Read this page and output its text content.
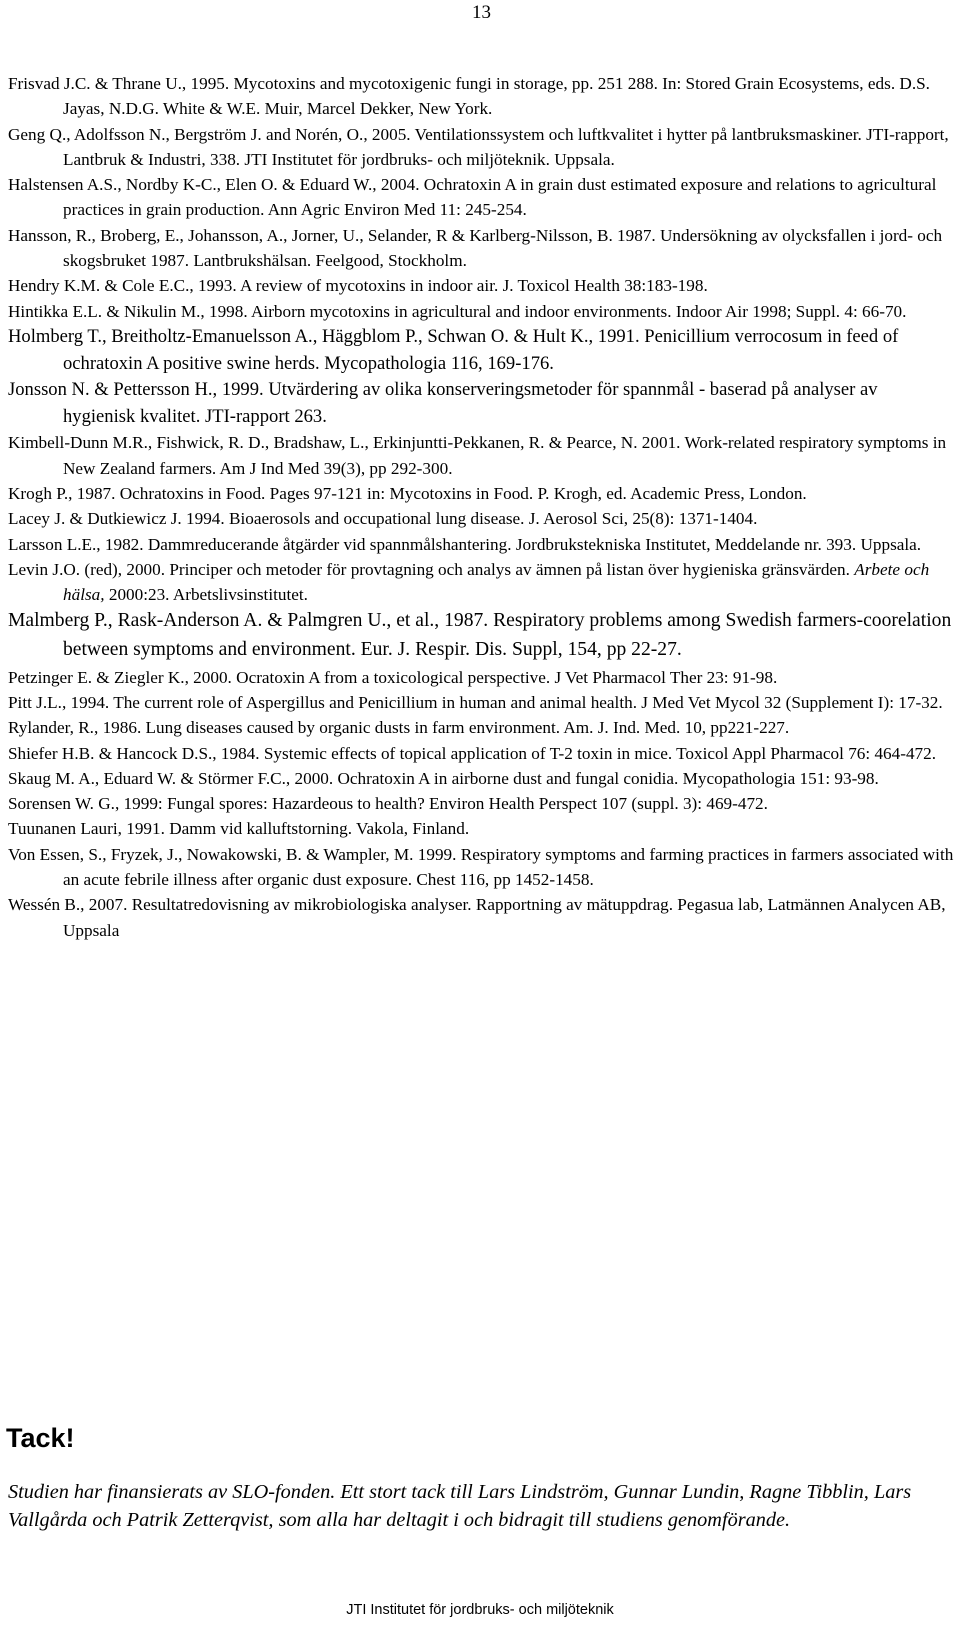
13
Frisvad J.C. & Thrane U., 1995. Mycotoxins and mycotoxigenic fungi in storage, pp. 251 288. In: Stored Grain Ecosystems, eds. D.S. Jayas, N.D.G. White & W.E. Muir, Marcel Dekker, New York.
Geng Q., Adolfsson N., Bergström J. and Norén, O., 2005. Ventilationssystem och luftkvalitet i hytter på lantbruksmaskiner. JTI-rapport, Lantbruk & Industri, 338. JTI Institutet för jordbruks- och miljöteknik. Uppsala.
Halstensen A.S., Nordby K-C., Elen O. & Eduard W., 2004. Ochratoxin A in grain dust estimated exposure and relations to agricultural practices in grain production. Ann Agric Environ Med 11: 245-254.
Hansson, R., Broberg, E., Johansson, A., Jorner, U., Selander, R & Karlberg-Nilsson, B. 1987. Undersökning av olycksfallen i jord- och skogsbruket 1987. Lantbrukshälsan. Feelgood, Stockholm.
Hendry K.M. & Cole E.C., 1993. A review of mycotoxins in indoor air. J. Toxicol Health 38:183-198.
Hintikka E.L. & Nikulin M., 1998. Airborn mycotoxins in agricultural and indoor environments. Indoor Air 1998; Suppl. 4: 66-70.
Holmberg T., Breitholtz-Emanuelsson A., Häggblom P., Schwan O. & Hult K., 1991. Penicillium verrocosum in feed of ochratoxin A positive swine herds. Mycopathologia 116, 169-176.
Jonsson N. & Pettersson H., 1999. Utvärdering av olika konserveringsmetoder för spannmål - baserad på analyser av hygienisk kvalitet. JTI-rapport 263.
Kimbell-Dunn M.R., Fishwick, R. D., Bradshaw, L., Erkinjuntti-Pekkanen, R. & Pearce, N. 2001. Work-related respiratory symptoms in New Zealand farmers. Am J Ind Med 39(3), pp 292-300.
Krogh P., 1987. Ochratoxins in Food. Pages 97-121 in: Mycotoxins in Food. P. Krogh, ed. Academic Press, London.
Lacey J. & Dutkiewicz J. 1994. Bioaerosols and occupational lung disease. J. Aerosol Sci, 25(8): 1371-1404.
Larsson L.E., 1982. Dammreducerande åtgärder vid spannmålshantering. Jordbrukstekniska Institutet, Meddelande nr. 393. Uppsala.
Levin J.O. (red), 2000. Principer och metoder för provtagning och analys av ämnen på listan över hygieniska gränsvärden. Arbete och hälsa, 2000:23. Arbetslivsinstitutet.
Malmberg P., Rask-Anderson A. & Palmgren U., et al., 1987. Respiratory problems among Swedish farmers-coorelation between symptoms and environment. Eur. J. Respir. Dis. Suppl, 154, pp 22-27.
Petzinger E. & Ziegler K., 2000. Ocratoxin A from a toxicological perspective. J Vet Pharmacol Ther 23: 91-98.
Pitt J.L., 1994. The current role of Aspergillus and Penicillium in human and animal health. J Med Vet Mycol 32 (Supplement I): 17-32.
Rylander, R., 1986. Lung diseases caused by organic dusts in farm environment. Am. J. Ind. Med. 10, pp221-227.
Shiefer H.B. & Hancock D.S., 1984. Systemic effects of topical application of T-2 toxin in mice. Toxicol Appl Pharmacol 76: 464-472.
Skaug M. A., Eduard W. & Störmer F.C., 2000. Ochratoxin A in airborne dust and fungal conidia. Mycopathologia 151: 93-98.
Sorensen W. G., 1999: Fungal spores: Hazardeous to health? Environ Health Perspect 107 (suppl. 3): 469-472.
Tuunanen Lauri, 1991. Damm vid kalluftstorning. Vakola, Finland.
Von Essen, S., Fryzek, J., Nowakowski, B. & Wampler, M. 1999. Respiratory symptoms and farming practices in farmers associated with an acute febrile illness after organic dust exposure. Chest 116, pp 1452-1458.
Wessén B., 2007. Resultatredovisning av mikrobiologiska analyser. Rapportning av mätuppdrag. Pegasua lab, Latmännen Analycen AB, Uppsala
Tack!
Studien har finansierats av SLO-fonden. Ett stort tack till Lars Lindström, Gunnar Lundin, Ragne Tibblin, Lars Vallgårda och Patrik Zetterqvist, som alla har deltagit i och bidragit till studiens genomförande.
JTI Institutet för jordbruks- och miljöteknik
